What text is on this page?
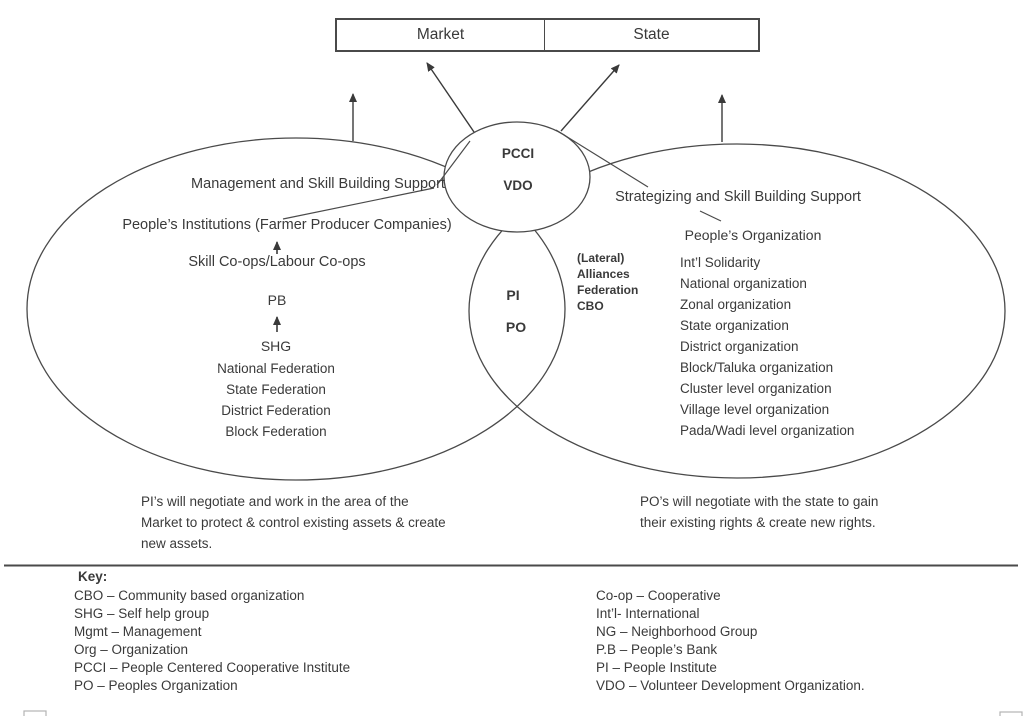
Market	State
PCCI
VDO
Management and Skill Building Support
People’s Institutions (Farmer Producer Companies)
Skill Co-ops/Labour Co-ops
PB
SHG
National Federation
State Federation
District Federation
Block Federation
PI
PO
(Lateral)
Alliances
Federation
CBO
Strategizing and Skill Building Support
People’s Organization
Int’l Solidarity
National organization
Zonal organization
State organization
District organization
Block/Taluka organization
Cluster level organization
Village level organization
Pada/Wadi level organization
PI’s will negotiate and work in the area of the
Market to protect & control existing assets & create
new assets.
PO’s will negotiate with the state to gain
their existing rights & create new rights.
Key:
CBO – Community based organization
SHG – Self help group
Mgmt – Management
Org – Organization
PCCI – People Centered Cooperative Institute
PO – Peoples Organization
Co-op – Cooperative
Int’l- International
NG – Neighborhood Group
P.B – People’s Bank
PI – People Institute
VDO – Volunteer Development Organization.
